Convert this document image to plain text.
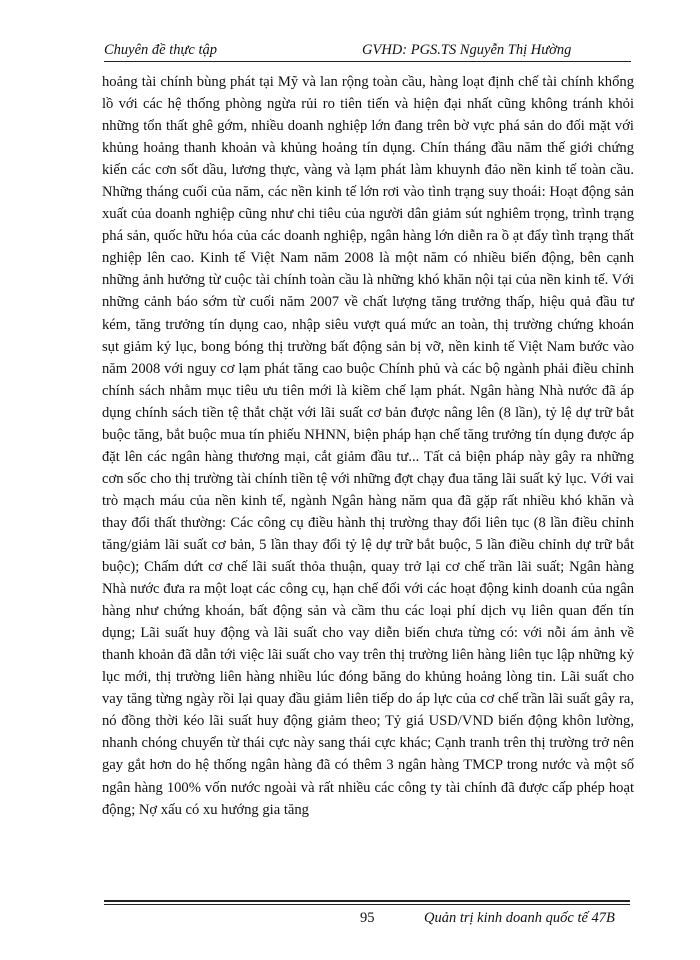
Chuyên đề thực tập	GVHD: PGS.TS Nguyễn Thị Hường

hoảng tài chính bùng phát tại Mỹ và lan rộng toàn cầu, hàng loạt định chế tài chính khổng lồ với các hệ thống phòng ngừa rủi ro tiên tiến và hiện đại nhất cũng không tránh khỏi những tổn thất ghê gớm, nhiều doanh nghiệp lớn đang trên bờ vực phá sản do đối mặt với khủng hoảng thanh khoản và khủng hoảng tín dụng. Chín tháng đầu năm thế giới chứng kiến các cơn sốt dầu, lương thực, vàng và lạm phát làm khuynh đảo nền kinh tế toàn cầu. Những tháng cuối của năm, các nền kinh tế lớn rơi vào tình trạng suy thoái: Hoạt động sản xuất của doanh nghiệp cũng như chi tiêu của người dân giảm sút nghiêm trọng, trình trạng phá sản, quốc hữu hóa của các doanh nghiệp, ngân hàng lớn diễn ra ồ ạt đẩy tình trạng thất nghiệp lên cao. Kinh tế Việt Nam năm 2008 là một năm có nhiều biến động, bên cạnh những ảnh hưởng từ cuộc tài chính toàn cầu là những khó khăn nội tại của nền kinh tế. Với những cảnh báo sớm từ cuối năm 2007 về chất lượng tăng trưởng thấp, hiệu quả đầu tư kém, tăng trưởng tín dụng cao, nhập siêu vượt quá mức an toàn, thị trường chứng khoán sụt giảm kỷ lục, bong bóng thị trường bất động sản bị vỡ, nền kinh tế Việt Nam bước vào năm 2008 với nguy cơ lạm phát tăng cao buộc Chính phủ và các bộ ngành phải điều chỉnh chính sách nhằm mục tiêu ưu tiên mới là kiềm chế lạm phát. Ngân hàng Nhà nước đã áp dụng chính sách tiền tệ thắt chặt với lãi suất cơ bản được nâng lên (8 lần), tỷ lệ dự trữ bắt buộc tăng, bắt buộc mua tín phiếu NHNN, biện pháp hạn chế tăng trưởng tín dụng được áp đặt lên các ngân hàng thương mại, cắt giảm đầu tư... Tất cả biện pháp này gây ra những cơn sốc cho thị trường tài chính tiền tệ với những đợt chạy đua tăng lãi suất kỷ lục. Với vai trò mạch máu của nền kinh tế, ngành Ngân hàng năm qua đã gặp rất nhiều khó khăn và thay đổi thất thường: Các công cụ điều hành thị trường thay đổi liên tục (8 lần điều chỉnh tăng/giảm lãi suất cơ bản, 5 lần thay đổi tỷ lệ dự trữ bắt buộc, 5 lần điều chỉnh dự trữ bắt buộc); Chấm dứt cơ chế lãi suất thỏa thuận, quay trở lại cơ chế trần lãi suất; Ngân hàng Nhà nước đưa ra một loạt các công cụ, hạn chế đối với các hoạt động kinh doanh của ngân hàng như chứng khoán, bất động sản và cầm thu các loại phí dịch vụ liên quan đến tín dụng; Lãi suất huy động và lãi suất cho vay diễn biến chưa từng có: với nỗi ám ảnh về thanh khoản đã dẫn tới việc lãi suất cho vay trên thị trường liên hàng liên tục lập những kỷ lục mới, thị trường liên hàng nhiều lúc đóng băng do khủng hoảng lòng tin. Lãi suất cho vay tăng từng ngày rồi lại quay đầu giảm liên tiếp do áp lực của cơ chế trần lãi suất gây ra, nó đồng thời kéo lãi suất huy động giảm theo; Tỷ giá USD/VND biến động khôn lường, nhanh chóng chuyển từ thái cực này sang thái cực khác; Cạnh tranh trên thị trường trở nên gay gắt hơn do hệ thống ngân hàng đã có thêm 3 ngân hàng TMCP trong nước và một số ngân hàng 100% vốn nước ngoài và rất nhiều các công ty tài chính đã được cấp phép hoạt động; Nợ xấu có xu hướng gia tăng

95	Quản trị kinh doanh quốc tế 47B
